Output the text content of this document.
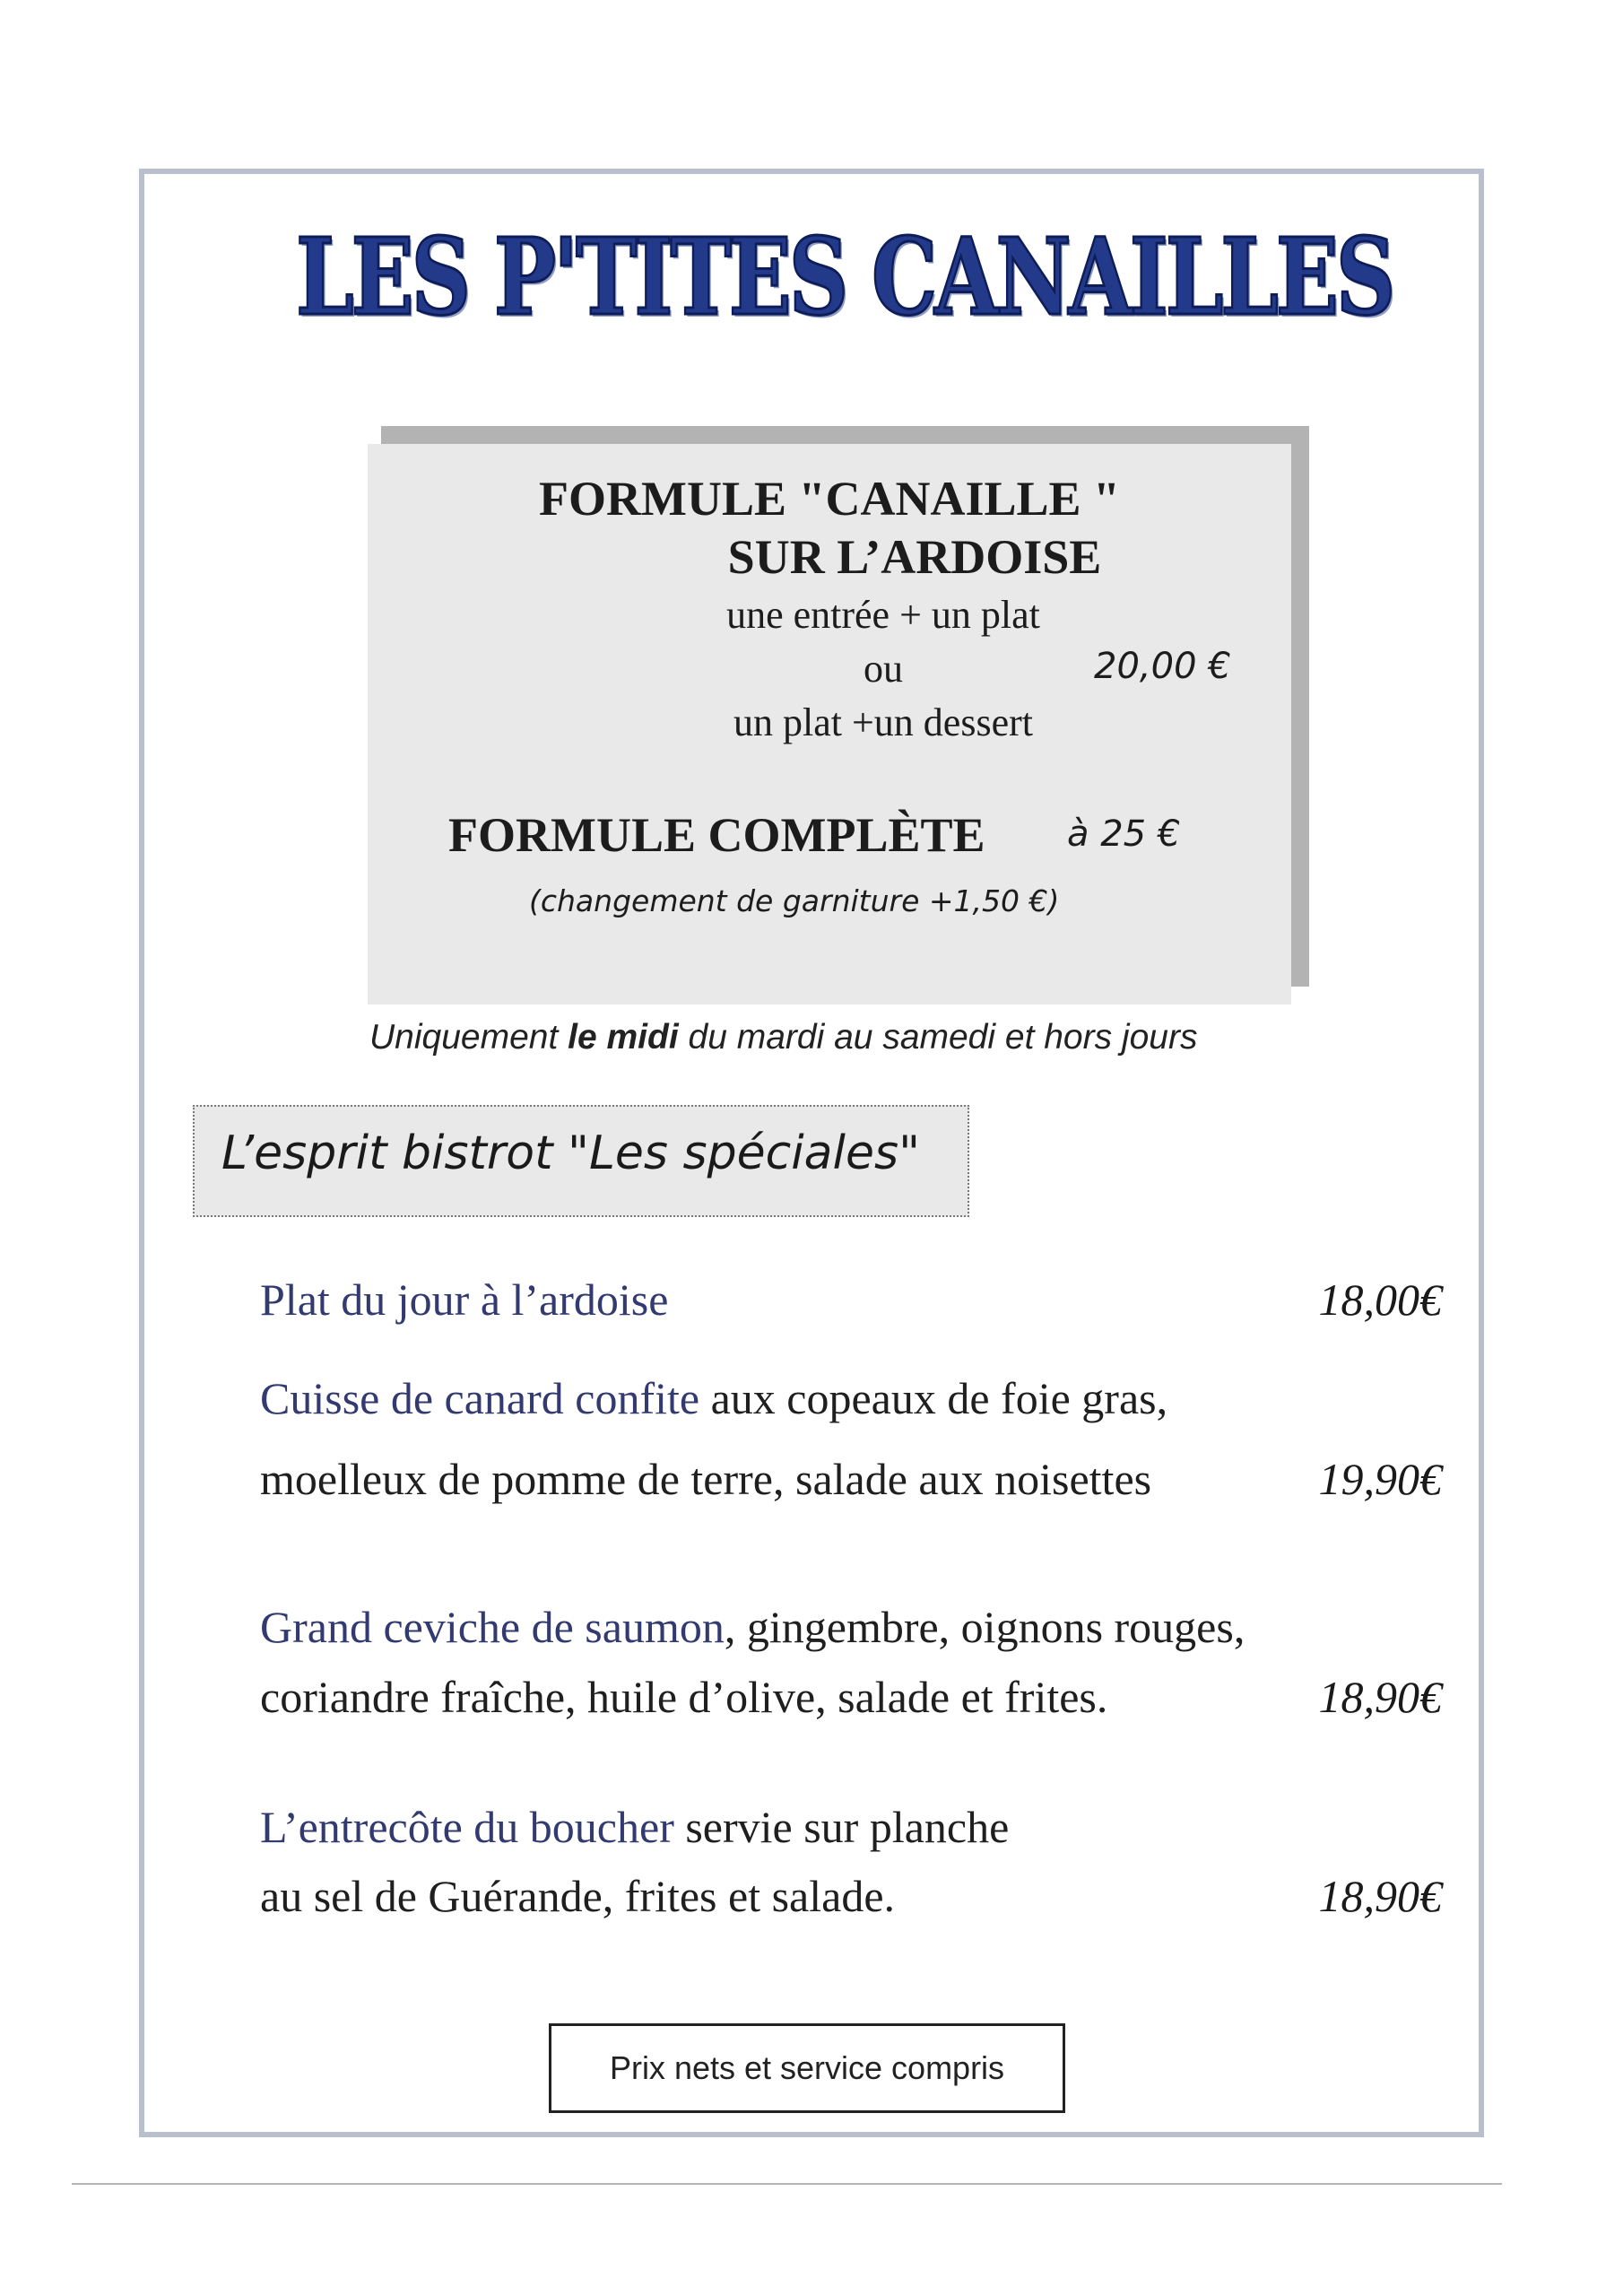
LES P'TITES CANAILLES
FORMULE "CANAILLE "
SUR L’ARDOISE
une entrée + un plat
ou
un plat +un dessert
20,00 €
FORMULE COMPLÈTE à 25 €
(changement de garniture +1,50 €)
Uniquement le midi du mardi au samedi et hors jours
L’esprit bistrot "Les spéciales"
Plat du jour à l’ardoise	18,00€
Cuisse de canard confite aux copeaux de foie gras,
moelleux de pomme de terre, salade aux noisettes	19,90€
Grand ceviche de saumon, gingembre, oignons rouges,
coriandre fraîche, huile d’olive, salade et frites.	18,90€
L’entrecôte du boucher servie sur planche
au sel de Guérande, frites et salade.	18,90€
Prix nets et service compris
